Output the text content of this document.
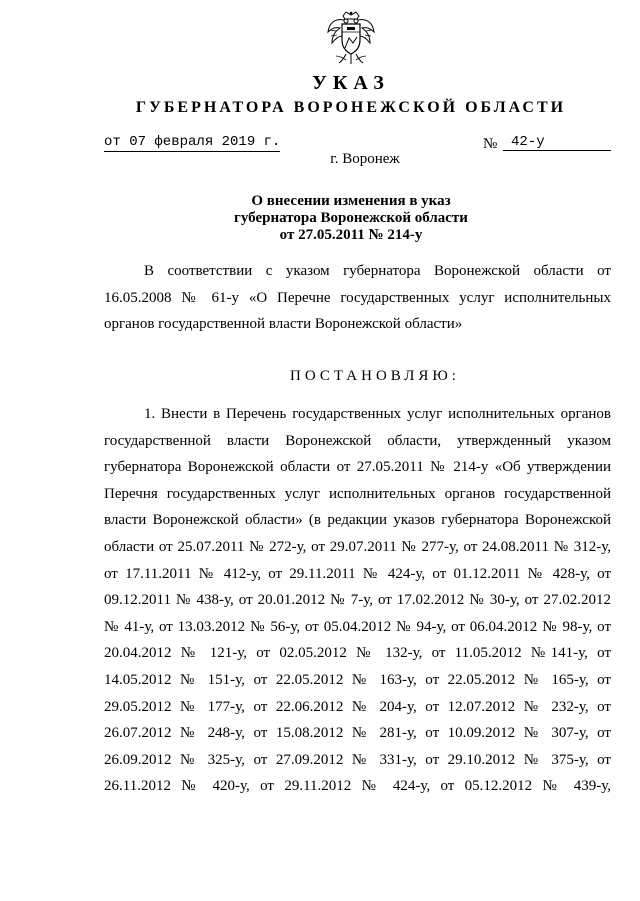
УКАЗ
ГУБЕРНАТОРА ВОРОНЕЖСКОЙ ОБЛАСТИ
от 07 февраля 2019 г.	№ 42-у
г. Воронеж
О внесении изменения в указ
губернатора Воронежской области
от 27.05.2011 № 214-у
В соответствии с указом губернатора Воронежской области от
16.05.2008 № 61-у «О Перечне государственных услуг исполнительных
органов государственной власти Воронежской области»
ПОСТАНОВЛЯЮ:
1. Внести в Перечень государственных услуг исполнительных органов
государственной власти Воронежской области, утвержденный указом
губернатора Воронежской области от 27.05.2011 № 214-у «Об утверждении
Перечня государственных услуг исполнительных органов государственной
власти Воронежской области» (в редакции указов губернатора Воронежской
области от 25.07.2011 № 272-у, от 29.07.2011 № 277-у, от 24.08.2011 № 312-у,
от 17.11.2011 № 412-у, от 29.11.2011 № 424-у, от 01.12.2011 № 428-у, от
09.12.2011 № 438-у, от 20.01.2012 № 7-у, от 17.02.2012 № 30-у, от 27.02.2012
№ 41-у, от 13.03.2012 № 56-у, от 05.04.2012 № 94-у, от 06.04.2012 № 98-у, от
20.04.2012 № 121-у, от 02.05.2012 № 132-у, от 11.05.2012 №141-у, от
14.05.2012 № 151-у, от 22.05.2012 № 163-у, от 22.05.2012 № 165-у, от
29.05.2012 № 177-у, от 22.06.2012 № 204-у, от 12.07.2012 № 232-у, от
26.07.2012 № 248-у, от 15.08.2012 № 281-у, от 10.09.2012 № 307-у, от
26.09.2012 № 325-у, от 27.09.2012 № 331-у, от 29.10.2012 № 375-у, от
26.11.2012 № 420-у, от 29.11.2012 № 424-у, от 05.12.2012 № 439-у,
